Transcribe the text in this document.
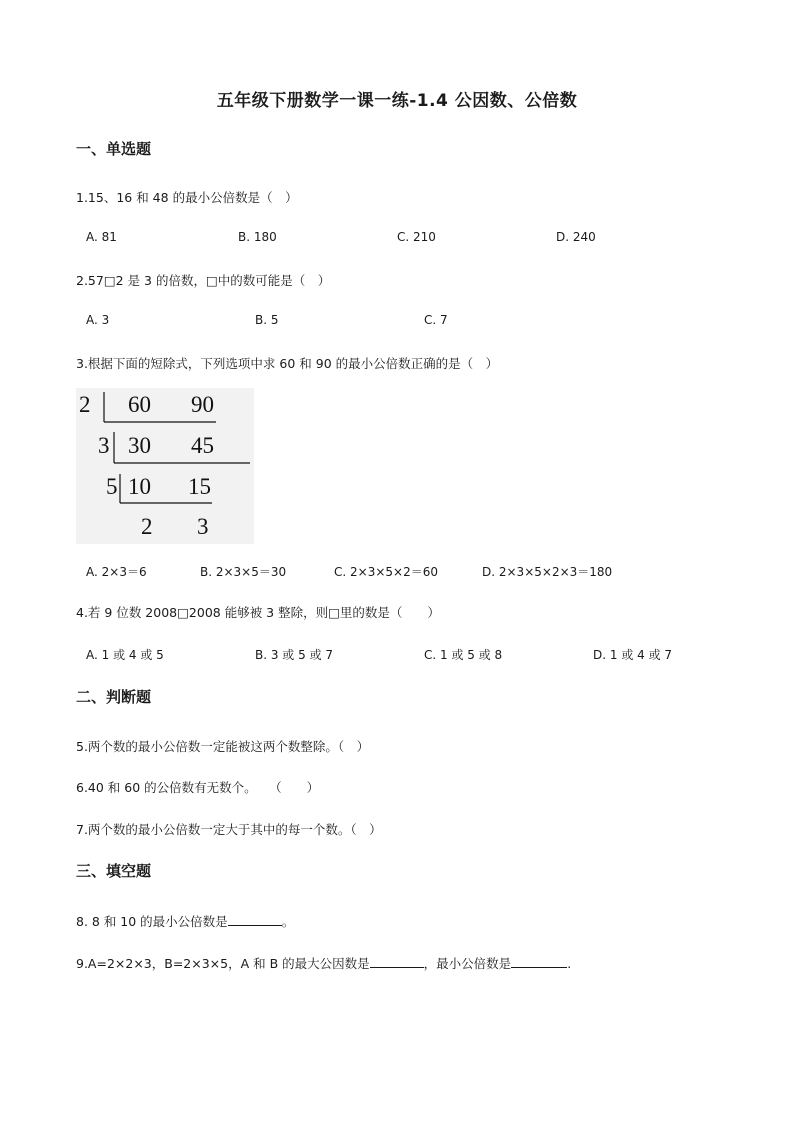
五年级下册数学一课一练-1.4 公因数、公倍数
一、单选题
1.15、16 和 48 的最小公倍数是（　）
A. 81	B. 180	C. 210	D. 240
2.57□2 是 3 的倍数，□中的数可能是（　）
A. 3	B. 5	C. 7
3.根据下面的短除式，下列选项中求 60 和 90 的最小公倍数正确的是（　）
2 60 90
3 30 45
5 10 15
2 3
A. 2×3＝6	B. 2×3×5＝30	C. 2×3×5×2＝60	D. 2×3×5×2×3＝180
4.若 9 位数 2008□2008 能够被 3 整除，则□里的数是（　　）
A. 1 或 4 或 5	B. 3 或 5 或 7	C. 1 或 5 或 8	D. 1 或 4 或 7
二、判断题
5.两个数的最小公倍数一定能被这两个数整除。（　）
6.40 和 60 的公倍数有无数个。　　（　　）
7.两个数的最小公倍数一定大于其中的每一个数。（　）
三、填空题
8. 8 和 10 的最小公倍数是	。
9.A=2×2×3，B=2×3×5，A 和 B 的最大公因数是	，最小公倍数是	.
